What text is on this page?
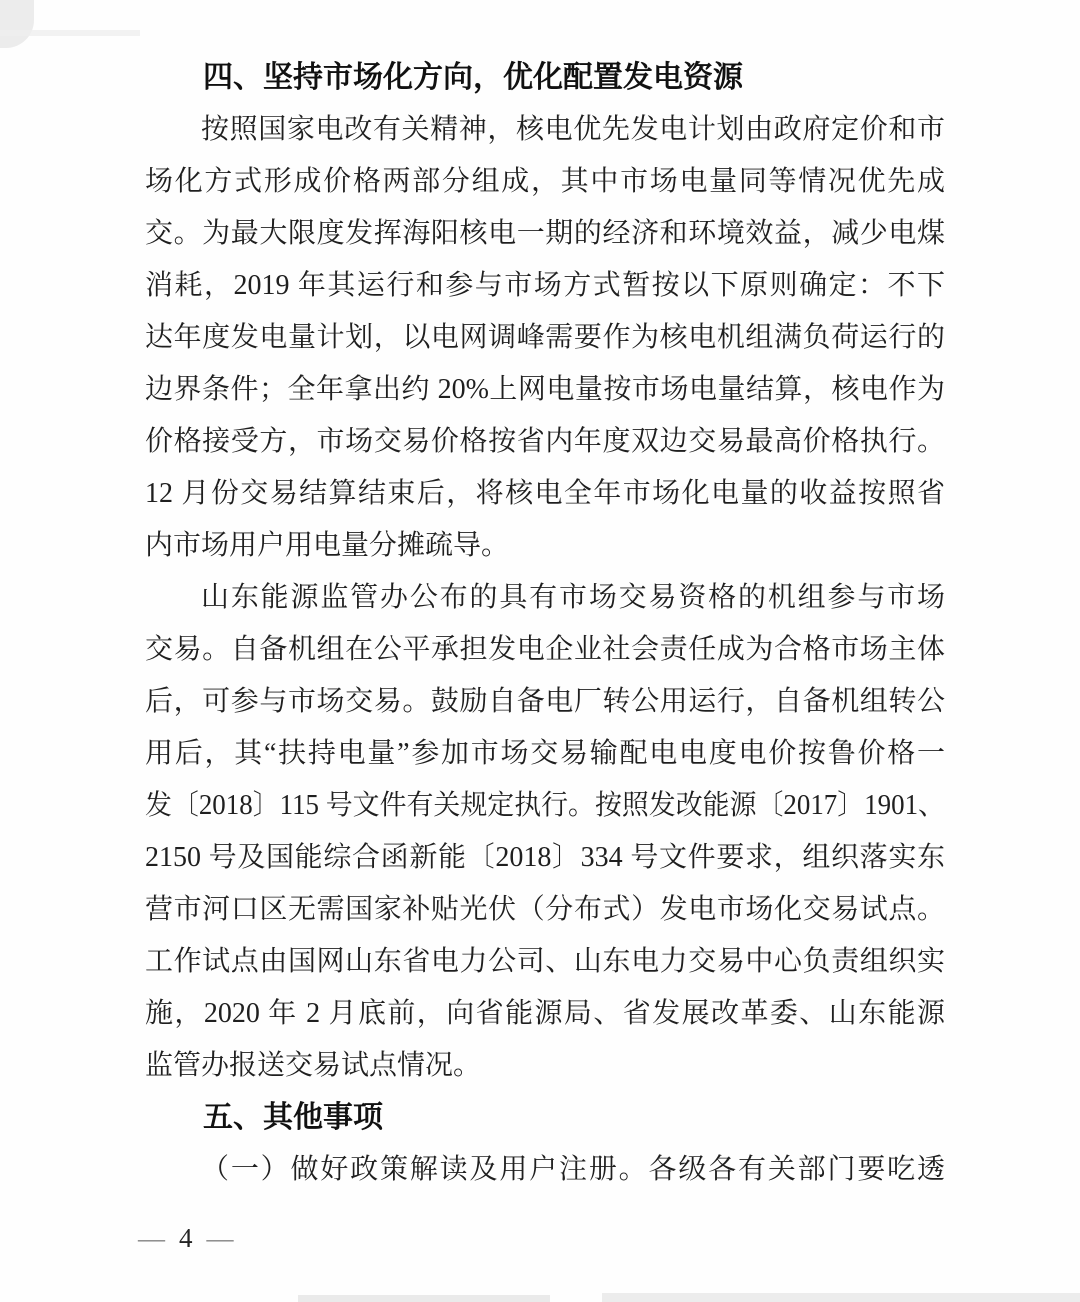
四、坚持市场化方向，优化配置发电资源
按照国家电改有关精神，核电优先发电计划由政府定价和市
场化方式形成价格两部分组成，其中市场电量同等情况优先成
交。为最大限度发挥海阳核电一期的经济和环境效益，减少电煤
消耗，2019 年其运行和参与市场方式暂按以下原则确定：不下
达年度发电量计划，以电网调峰需要作为核电机组满负荷运行的
边界条件；全年拿出约 20%上网电量按市场电量结算，核电作为
价格接受方，市场交易价格按省内年度双边交易最高价格执行。
12 月份交易结算结束后，将核电全年市场化电量的收益按照省
内市场用户用电量分摊疏导。
山东能源监管办公布的具有市场交易资格的机组参与市场
交易。自备机组在公平承担发电企业社会责任成为合格市场主体
后，可参与市场交易。鼓励自备电厂转公用运行，自备机组转公
用后，其“扶持电量”参加市场交易输配电电度电价按鲁价格一
发〔2018〕115 号文件有关规定执行。按照发改能源〔2017〕1901、
2150 号及国能综合函新能〔2018〕334 号文件要求，组织落实东
营市河口区无需国家补贴光伏（分布式）发电市场化交易试点。
工作试点由国网山东省电力公司、山东电力交易中心负责组织实
施，2020 年 2 月底前，向省能源局、省发展改革委、山东能源
监管办报送交易试点情况。
五、其他事项
（一）做好政策解读及用户注册。各级各有关部门要吃透
— 4 —
